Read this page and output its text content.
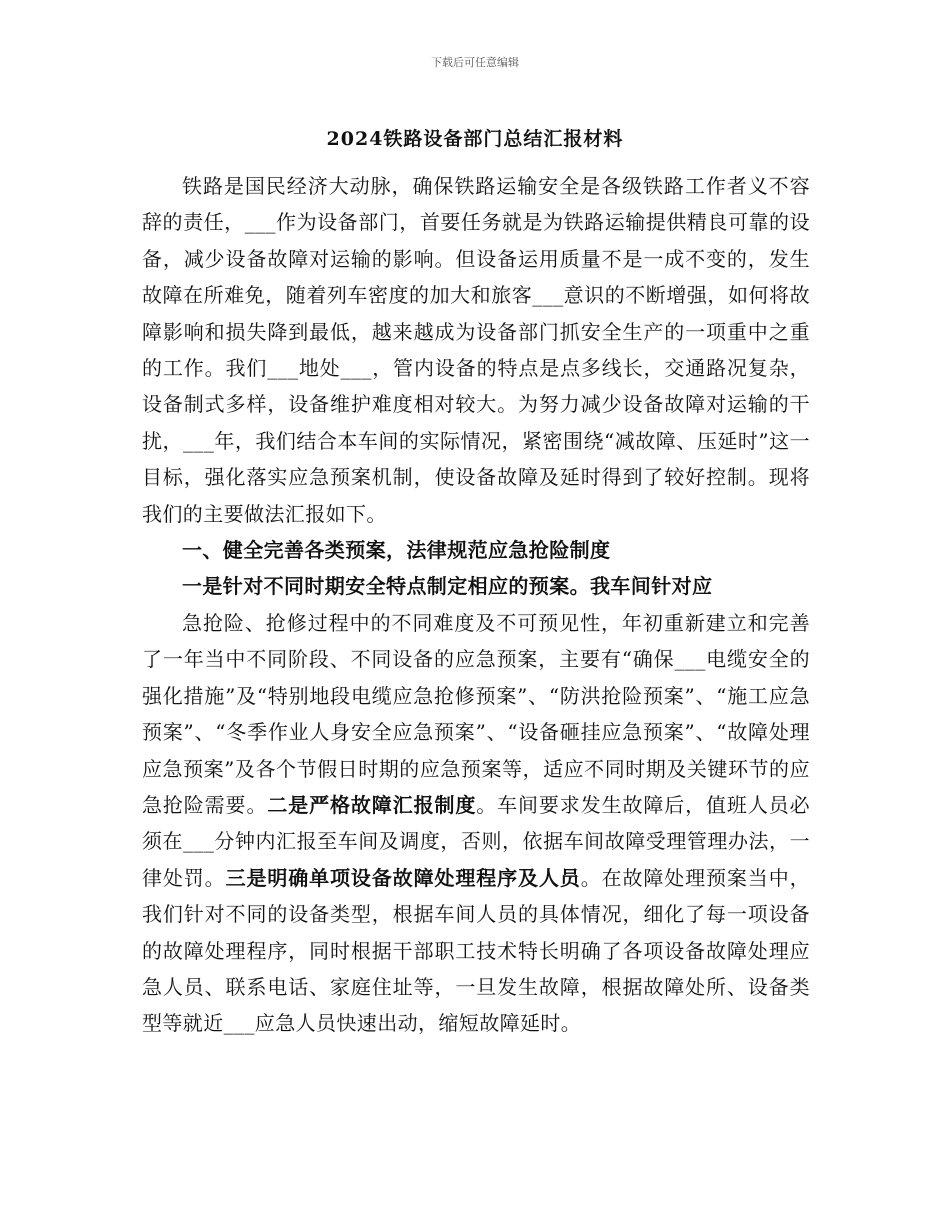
下载后可任意编辑
2024铁路设备部门总结汇报材料

铁路是国民经济大动脉，确保铁路运输安全是各级铁路工作者义不容辞的责任，___作为设备部门，首要任务就是为铁路运输提供精良可靠的设备，减少设备故障对运输的影响。但设备运用质量不是一成不变的，发生故障在所难免，随着列车密度的加大和旅客___意识的不断增强，如何将故障影响和损失降到最低，越来越成为设备部门抓安全生产的一项重中之重的工作。我们___地处___，管内设备的特点是点多线长，交通路况复杂，设备制式多样，设备维护难度相对较大。为努力减少设备故障对运输的干扰，___年，我们结合本车间的实际情况，紧密围绕“减故障、压延时”这一目标，强化落实应急预案机制，使设备故障及延时得到了较好控制。现将我们的主要做法汇报如下。

一、健全完善各类预案，法律规范应急抢险制度

一是针对不同时期安全特点制定相应的预案。我车间针对应

急抢险、抢修过程中的不同难度及不可预见性，年初重新建立和完善了一年当中不同阶段、不同设备的应急预案，主要有“确保___电缆安全的强化措施”及“特别地段电缆应急抢修预案”、“防洪抢险预案”、“施工应急预案”、“冬季作业人身安全应急预案”、“设备砸挂应急预案”、“故障处理应急预案”及各个节假日时期的应急预案等，适应不同时期及关键环节的应急抢险需要。二是严格故障汇报制度。车间要求发生故障后，值班人员必须在___分钟内汇报至车间及调度，否则，依据车间故障受理管理办法，一律处罚。三是明确单项设备故障处理程序及人员。在故障处理预案当中，我们针对不同的设备类型，根据车间人员的具体情况，细化了每一项设备的故障处理程序，同时根据干部职工技术特长明确了各项设备故障处理应急人员、联系电话、家庭住址等，一旦发生故障，根据故障处所、设备类型等就近___应急人员快速出动，缩短故障延时。
